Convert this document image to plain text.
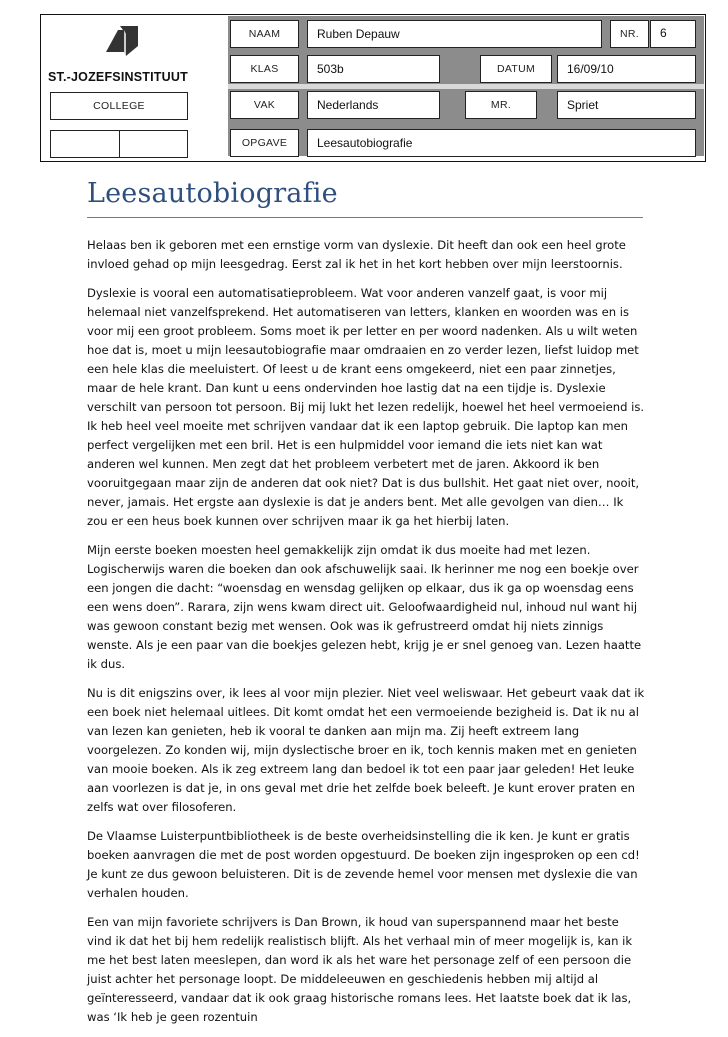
ST.-JOZEFSINSTITUUT
COLLEGE
NAAM	Ruben Depauw	NR.	6
KLAS	503b	DATUM	16/09/10
VAK	Nederlands	MR.	Spriet
OPGAVE	Leesautobiografie
Leesautobiografie

Helaas ben ik geboren met een ernstige vorm van dyslexie. Dit heeft dan ook een heel grote invloed gehad op mijn leesgedrag. Eerst zal ik het in het kort hebben over mijn leerstoornis.

Dyslexie is vooral een automatisatieprobleem. Wat voor anderen vanzelf gaat, is voor mij helemaal niet vanzelfsprekend. Het automatiseren van letters, klanken en woorden was en is voor mij een groot probleem. Soms moet ik per letter en per woord nadenken. Als u wilt weten hoe dat is, moet u mijn leesautobiografie maar omdraaien en zo verder lezen, liefst luidop met een hele klas die meeluistert. Of leest u de krant eens omgekeerd, niet een paar zinnetjes, maar de hele krant. Dan kunt u eens ondervinden hoe lastig dat na een tijdje is. Dyslexie verschilt van persoon tot persoon. Bij mij lukt het lezen redelijk, hoewel het heel vermoeiend is. Ik heb heel veel moeite met schrijven vandaar dat ik een laptop gebruik. Die laptop kan men perfect vergelijken met een bril. Het is een hulpmiddel voor iemand die iets niet kan wat anderen wel kunnen. Men zegt dat het probleem verbetert met de jaren. Akkoord ik ben vooruitgegaan maar zijn de anderen dat ook niet? Dat is dus bullshit. Het gaat niet over, nooit, never, jamais. Het ergste aan dyslexie is dat je anders bent. Met alle gevolgen van dien… Ik zou er een heus boek kunnen over schrijven maar ik ga het hierbij laten.

Mijn eerste boeken moesten heel gemakkelijk zijn omdat ik dus moeite had met lezen. Logischerwijs waren die boeken dan ook afschuwelijk saai. Ik herinner me nog een boekje over een jongen die dacht: “woensdag en wensdag gelijken op elkaar, dus ik ga op woensdag eens een wens doen”. Rarara, zijn wens kwam direct uit. Geloofwaardigheid nul, inhoud nul want hij was gewoon constant bezig met wensen. Ook was ik gefrustreerd omdat hij niets zinnigs wenste. Als je een paar van die boekjes gelezen hebt, krijg je er snel genoeg van. Lezen haatte ik dus.

Nu is dit enigszins over, ik lees al voor mijn plezier. Niet veel weliswaar. Het gebeurt vaak dat ik een boek niet helemaal uitlees. Dit komt omdat het een vermoeiende bezigheid is. Dat ik nu al van lezen kan genieten, heb ik vooral te danken aan mijn ma. Zij heeft extreem lang voorgelezen. Zo konden wij, mijn dyslectische broer en ik, toch kennis maken met en genieten van mooie boeken. Als ik zeg extreem lang dan bedoel ik tot een paar jaar geleden! Het leuke aan voorlezen is dat je, in ons geval met drie het zelfde boek beleeft. Je kunt erover praten en zelfs wat over filosoferen.

De Vlaamse Luisterpuntbibliotheek is de beste overheidsinstelling die ik ken. Je kunt er gratis boeken aanvragen die met de post worden opgestuurd. De boeken zijn ingesproken op een cd! Je kunt ze dus gewoon beluisteren. Dit is de zevende hemel voor mensen met dyslexie die van verhalen houden.

Een van mijn favoriete schrijvers is Dan Brown, ik houd van superspannend maar het beste vind ik dat het bij hem redelijk realistisch blijft. Als het verhaal min of meer mogelijk is, kan ik me het best laten meeslepen, dan word ik als het ware het personage zelf of een persoon die juist achter het personage loopt. De middeleeuwen en geschiedenis hebben mij altijd al geïnteresseerd, vandaar dat ik ook graag historische romans lees. Het laatste boek dat ik las, was ‘Ik heb je geen rozentuin
